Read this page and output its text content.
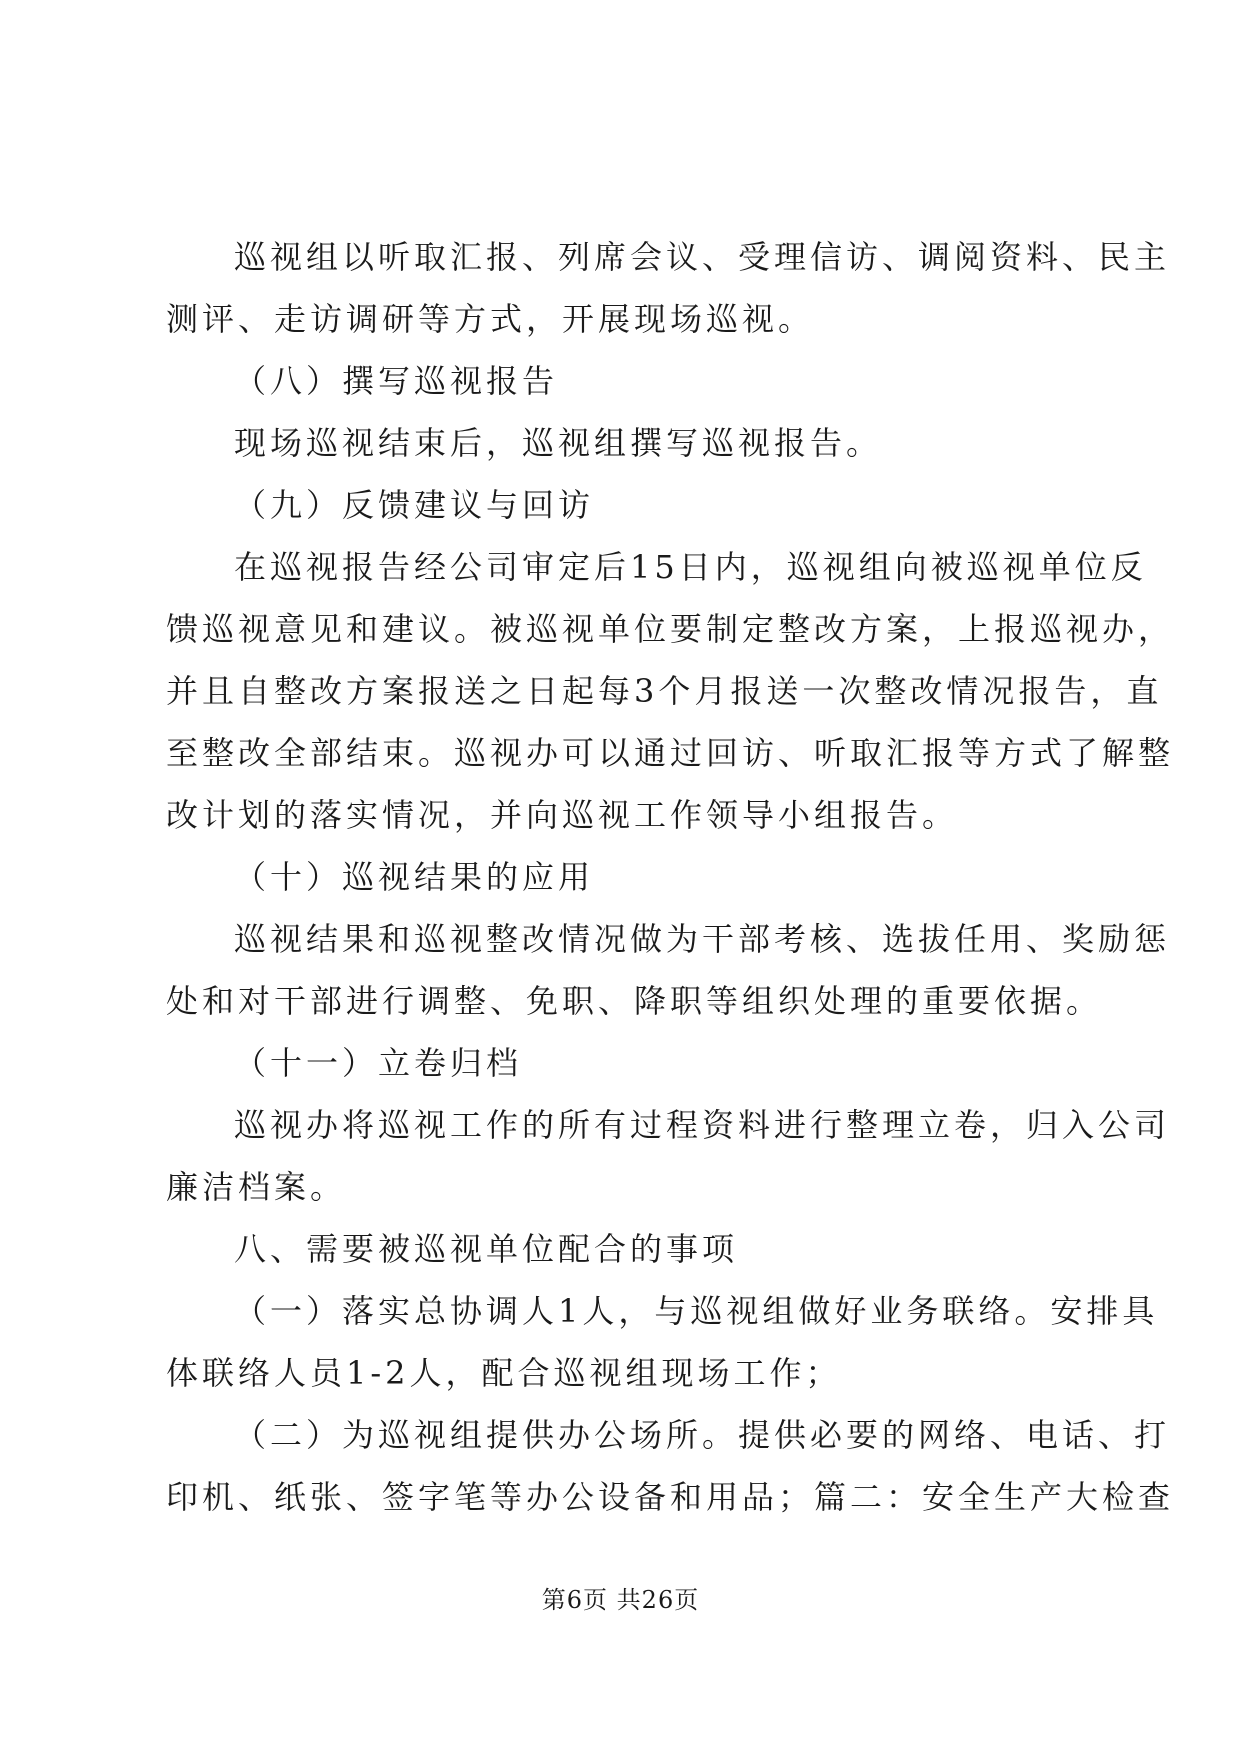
巡视组以听取汇报、列席会议、受理信访、调阅资料、民主
测评、走访调研等方式，开展现场巡视。
（八）撰写巡视报告
现场巡视结束后，巡视组撰写巡视报告。
（九）反馈建议与回访
在巡视报告经公司审定后15日内，巡视组向被巡视单位反
馈巡视意见和建议。被巡视单位要制定整改方案，上报巡视办，
并且自整改方案报送之日起每3个月报送一次整改情况报告，直
至整改全部结束。巡视办可以通过回访、听取汇报等方式了解整
改计划的落实情况，并向巡视工作领导小组报告。
（十）巡视结果的应用
巡视结果和巡视整改情况做为干部考核、选拔任用、奖励惩
处和对干部进行调整、免职、降职等组织处理的重要依据。
（十一）立卷归档
巡视办将巡视工作的所有过程资料进行整理立卷，归入公司
廉洁档案。
八、需要被巡视单位配合的事项
（一）落实总协调人1人，与巡视组做好业务联络。安排具
体联络人员1-2人，配合巡视组现场工作；
（二）为巡视组提供办公场所。提供必要的网络、电话、打
印机、纸张、签字笔等办公设备和用品；篇二：安全生产大检查
第6页 共26页
